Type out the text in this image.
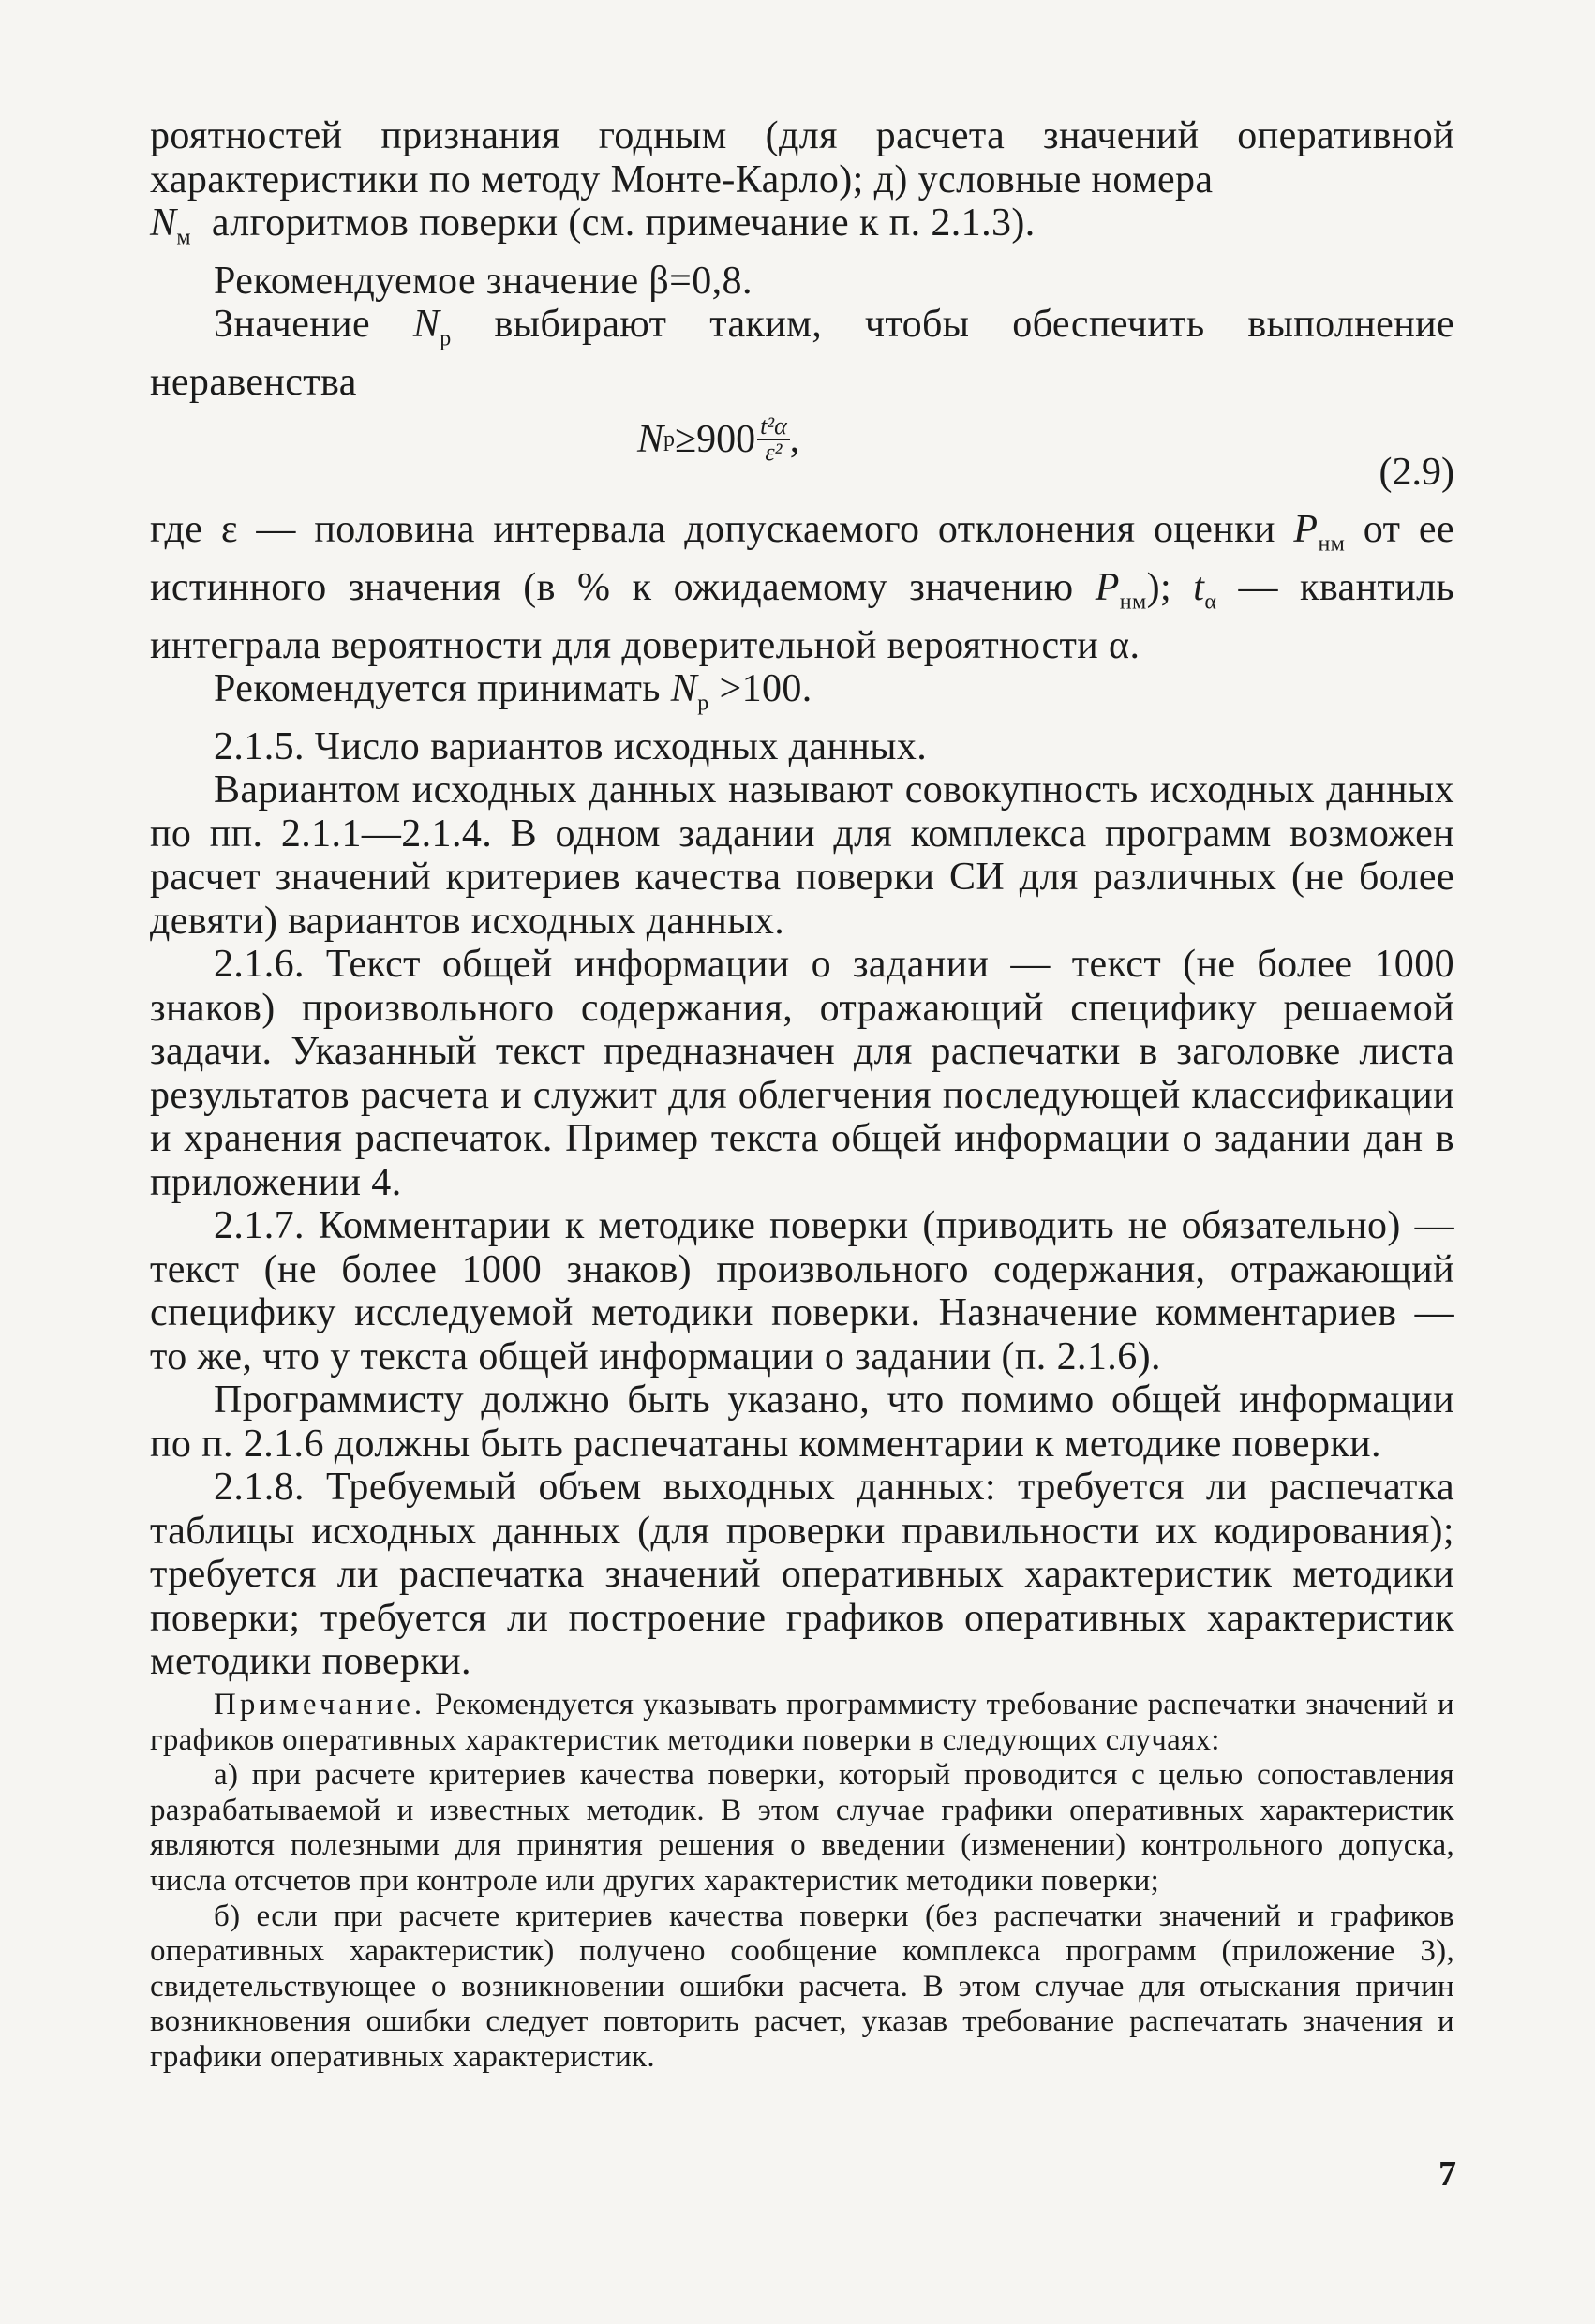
роятностей признания годным (для расчета значений оперативной характеристики по методу Монте-Карло); д) условные номера
$N_м$ алгоритмов поверки (см. примечание к п. 2.1.3).

Рекомендуемое значение β=0,8.

Значение $N_р$ выбирают таким, чтобы обеспечить выполнение неравенства

N $р \ge 900 \frac{\text{t²α}}{\text{ε²}}$ ,
(2.9)

где ε — половина интервала допускаемого отклонения оценки $P_{нм}$ от ее истинного значения (в % к ожидаемому значению $P_{нм}$); $t_\alpha$ — квантиль интеграла вероятности для доверительной вероятности α.

Рекомендуется принимать $N_р >100$.

2.1.5. Число вариантов исходных данных.

Вариантом исходных данных называют совокупность исходных данных по пп. 2.1.1—2.1.4. В одном задании для комплекса программ возможен расчет значений критериев качества поверки СИ для различных (не более девяти) вариантов исходных данных.

2.1.6. Текст общей информации о задании — текст (не более 1000 знаков) произвольного содержания, отражающий специфику решаемой задачи. Указанный текст предназначен для распечатки в заголовке листа результатов расчета и служит для облегчения последующей классификации и хранения распечаток. Пример текста общей информации о задании дан в приложении 4.

2.1.7. Комментарии к методике поверки (приводить не обязательно) — текст (не более 1000 знаков) произвольного содержания, отражающий специфику исследуемой методики поверки. Назначение комментариев — то же, что у текста общей информации о задании (п. 2.1.6).

Программисту должно быть указано, что помимо общей информации по п. 2.1.6 должны быть распечатаны комментарии к методике поверки.

2.1.8. Требуемый объем выходных данных: требуется ли распечатка таблицы исходных данных (для проверки правильности их кодирования); требуется ли распечатка значений оперативных характеристик методики поверки; требуется ли построение графиков оперативных характеристик методики поверки.

Примечание. Рекомендуется указывать программисту требование распечатки значений и графиков оперативных характеристик методики поверки в следующих случаях:

а) при расчете критериев качества поверки, который проводится с целью сопоставления разрабатываемой и известных методик. В этом случае графики оперативных характеристик являются полезными для принятия решения о введении (изменении) контрольного допуска, числа отсчетов при контроле или других характеристик методики поверки;

б) если при расчете критериев качества поверки (без распечатки значений и графиков оперативных характеристик) получено сообщение комплекса программ (приложение 3), свидетельствующее о возникновении ошибки расчета. В этом случае для отыскания причин возникновения ошибки следует повторить расчет, указав требование распечатать значения и графики оперативных характеристик.

7
